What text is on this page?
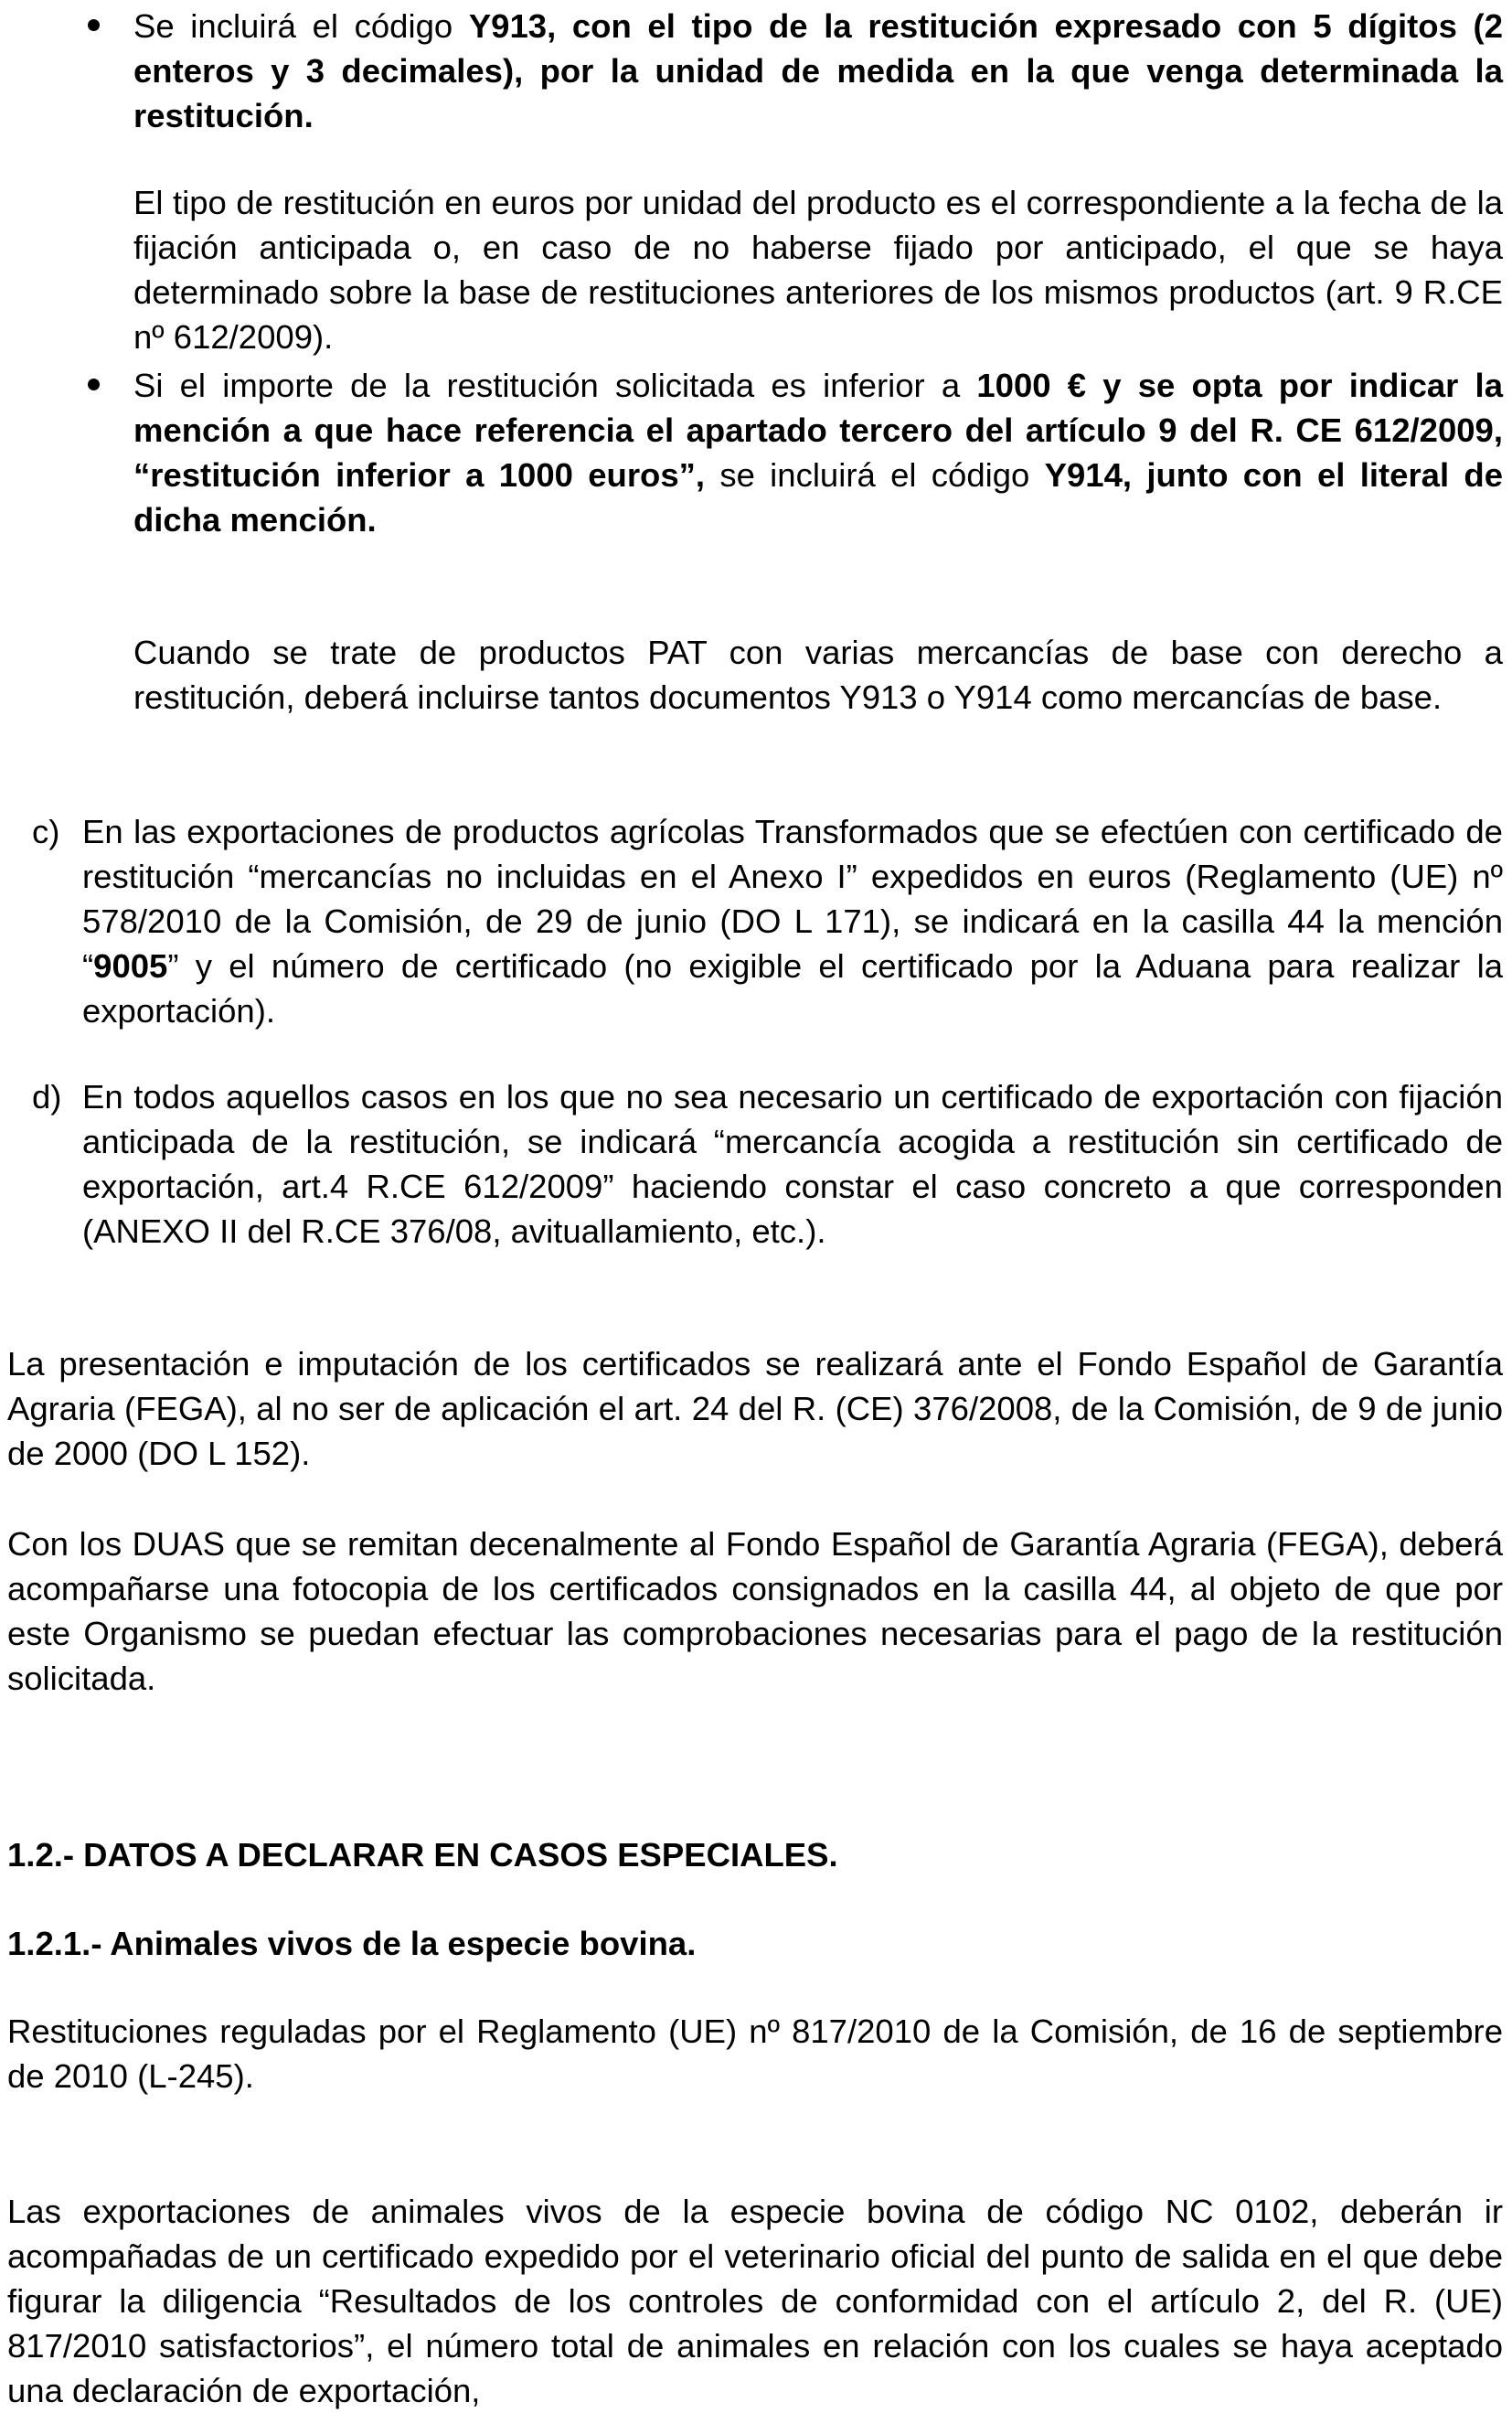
Se incluirá el código Y913, con el tipo de la restitución expresado con 5 dígitos (2 enteros y 3 decimales), por la unidad de medida en la que venga determinada la restitución.

El tipo de restitución en euros por unidad del producto es el correspondiente a la fecha de la fijación anticipada o, en caso de no haberse fijado por anticipado, el que se haya determinado sobre la base de restituciones anteriores de los mismos productos (art. 9 R.CE nº 612/2009).

Si el importe de la restitución solicitada es inferior a 1000 € y se opta por indicar la mención a que hace referencia el apartado tercero del artículo 9 del R. CE 612/2009, “restitución inferior a 1000 euros”, se incluirá el código Y914, junto con el literal de dicha mención.

Cuando se trate de productos PAT con varias mercancías de base con derecho a restitución, deberá incluirse tantos documentos Y913 o Y914 como mercancías de base.

c) En las exportaciones de productos agrícolas Transformados que se efectúen con certificado de restitución “mercancías no incluidas en el Anexo I” expedidos en euros (Reglamento (UE) nº 578/2010 de la Comisión, de 29 de junio (DO L 171), se indicará en la casilla 44 la mención “9005” y el número de certificado (no exigible el certificado por la Aduana para realizar la exportación).

d) En todos aquellos casos en los que no sea necesario un certificado de exportación con fijación anticipada de la restitución, se indicará “mercancía acogida a restitución sin certificado de exportación, art.4 R.CE 612/2009” haciendo constar el caso concreto a que corresponden (ANEXO II del R.CE 376/08, avituallamiento, etc.).

La presentación e imputación de los certificados se realizará ante el Fondo Español de Garantía Agraria (FEGA), al no ser de aplicación el art. 24 del R. (CE) 376/2008, de la Comisión, de 9 de junio de 2000 (DO L 152).

Con los DUAS que se remitan decenalmente al Fondo Español de Garantía Agraria (FEGA), deberá acompañarse una fotocopia de los certificados consignados en la casilla 44, al objeto de que por este Organismo se puedan efectuar las comprobaciones necesarias para el pago de la restitución solicitada.

1.2.- DATOS A DECLARAR EN CASOS ESPECIALES.
1.2.1.- Animales vivos de la especie bovina.

Restituciones reguladas por el Reglamento (UE) nº 817/2010 de la Comisión, de 16 de septiembre de 2010 (L-245).

Las exportaciones de animales vivos de la especie bovina de código NC 0102, deberán ir acompañadas de un certificado expedido por el veterinario oficial del punto de salida en el que debe figurar la diligencia “Resultados de los controles de conformidad con el artículo 2, del R. (UE) 817/2010 satisfactorios”, el número total de animales en relación con los cuales se haya aceptado una declaración de exportación,
